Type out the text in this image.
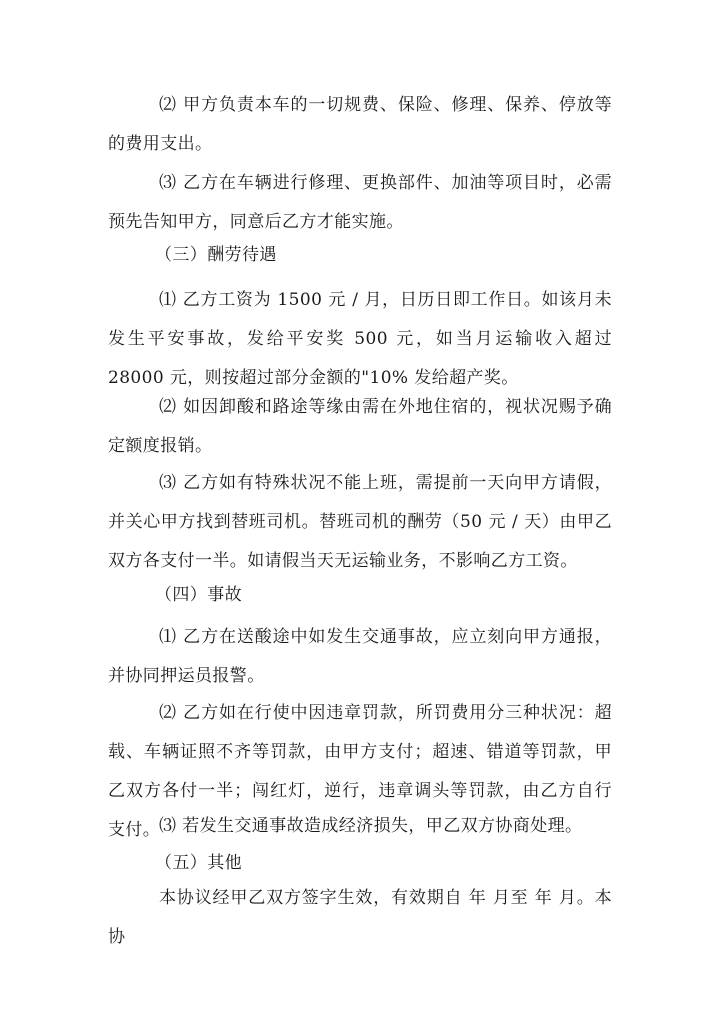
⑵ 甲方负责本车的一切规费、保险、修理、保养、停放等的费用支出。

⑶ 乙方在车辆进行修理、更换部件、加油等项目时，必需预先告知甲方，同意后乙方才能实施。

（三）酬劳待遇

⑴ 乙方工资为 1500 元 / 月，日历日即工作日。如该月未发生平安事故，发给平安奖 500 元，如当月运输收入超过 28000 元，则按超过部分金额的"10% 发给超产奖。

⑵ 如因卸酸和路途等缘由需在外地住宿的，视状况赐予确定额度报销。

⑶ 乙方如有特殊状况不能上班，需提前一天向甲方请假，并关心甲方找到替班司机。替班司机的酬劳（50 元 / 天）由甲乙双方各支付一半。如请假当天无运输业务，不影响乙方工资。

（四）事故

⑴ 乙方在送酸途中如发生交通事故，应立刻向甲方通报，并协同押运员报警。

⑵ 乙方如在行使中因违章罚款，所罚费用分三种状况：超载、车辆证照不齐等罚款，由甲方支付；超速、错道等罚款，甲乙双方各付一半；闯红灯，逆行，违章调头等罚款，由乙方自行支付。

⑶ 若发生交通事故造成经济损失，甲乙双方协商处理。

（五）其他

本协议经甲乙双方签字生效，有效期自 年 月至 年 月。本协
